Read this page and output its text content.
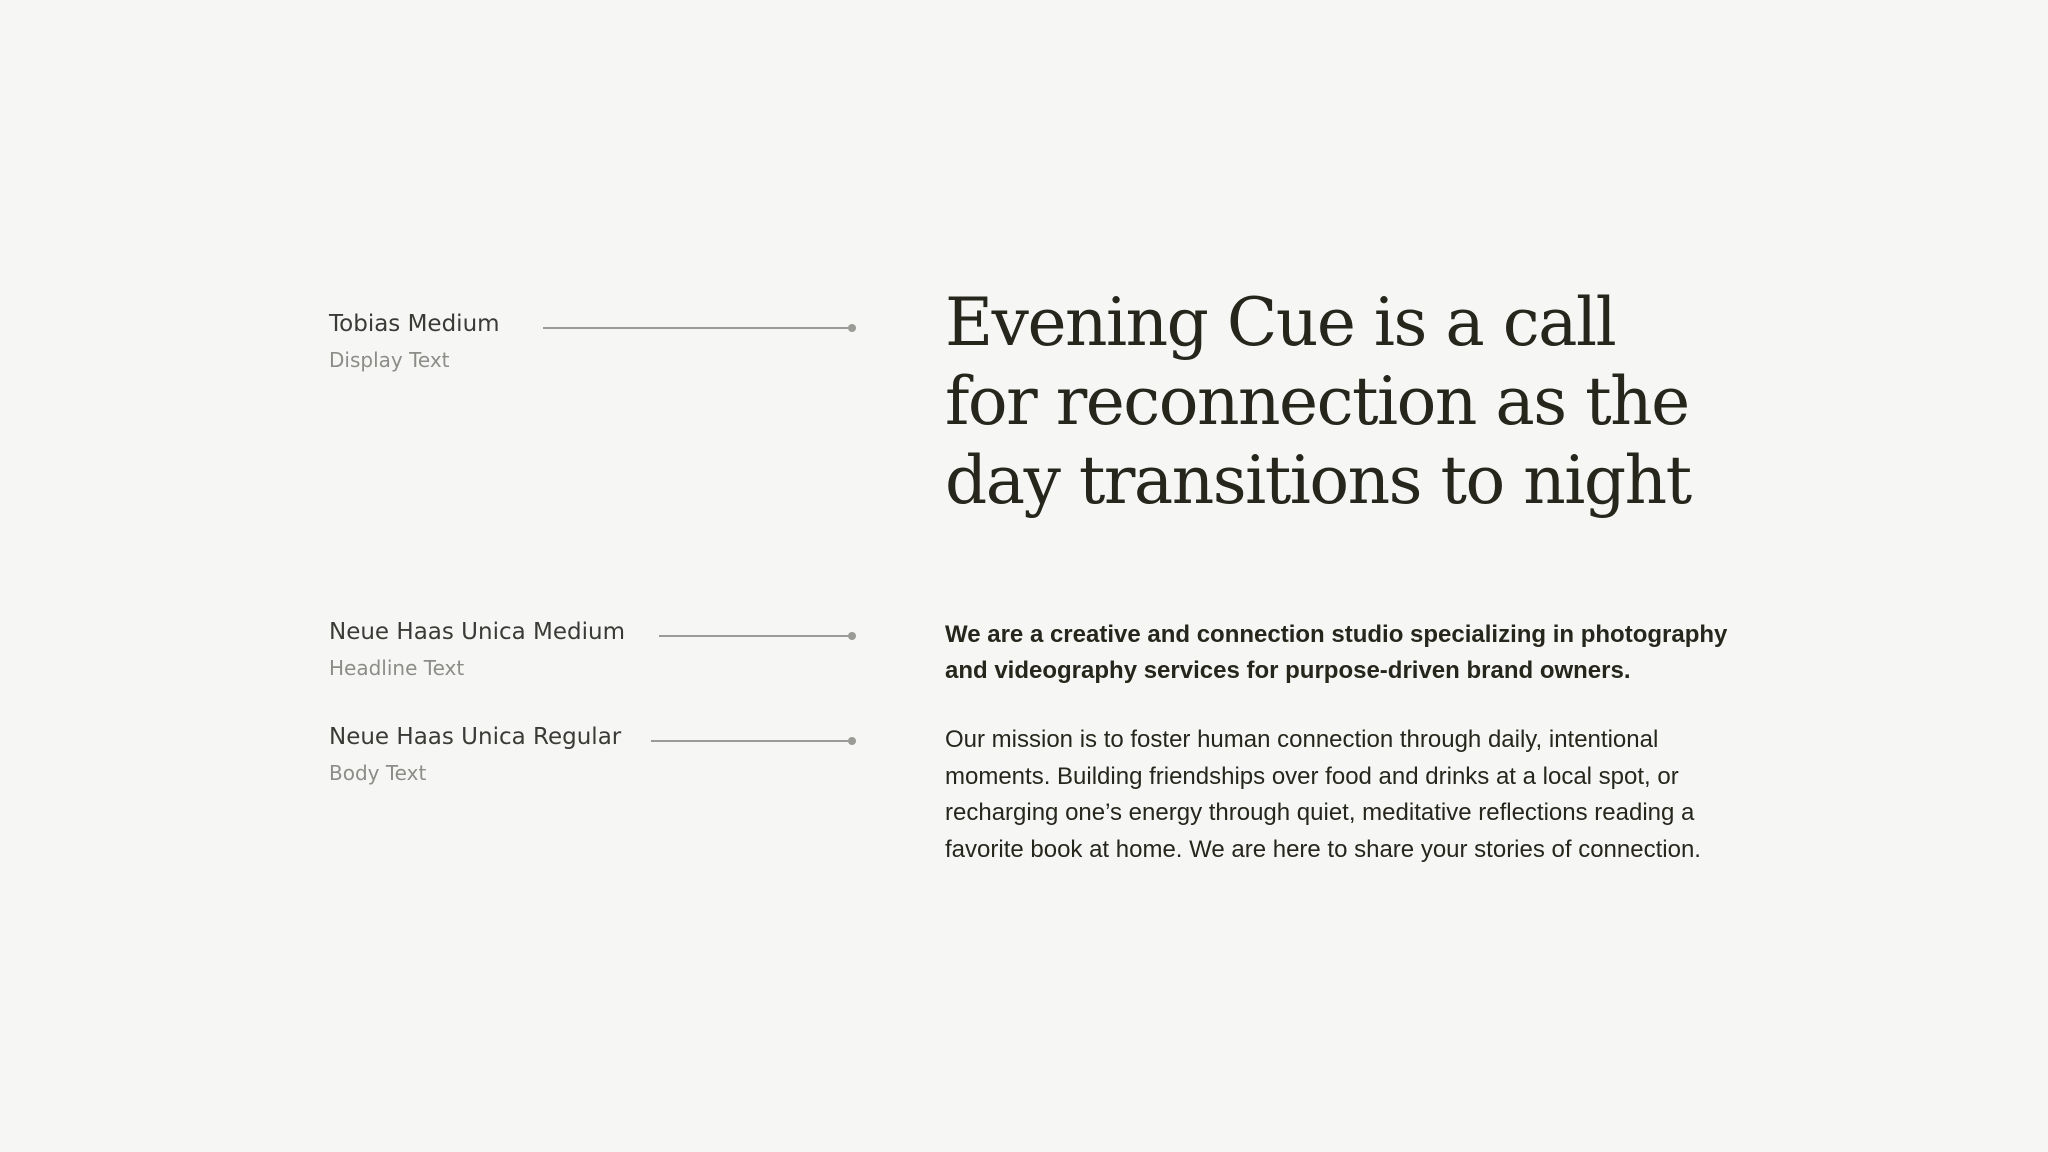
Tobias Medium
Display Text
Neue Haas Unica Medium
Headline Text
Neue Haas Unica Regular
Body Text
Evening Cue is a call
for reconnection as the
day transitions to night

We are a creative and connection studio specializing in photography
and videography services for purpose-driven brand owners.

Our mission is to foster human connection through daily, intentional
moments. Building friendships over food and drinks at a local spot, or
recharging one’s energy through quiet, meditative reflections reading a
favorite book at home. We are here to share your stories of connection.
